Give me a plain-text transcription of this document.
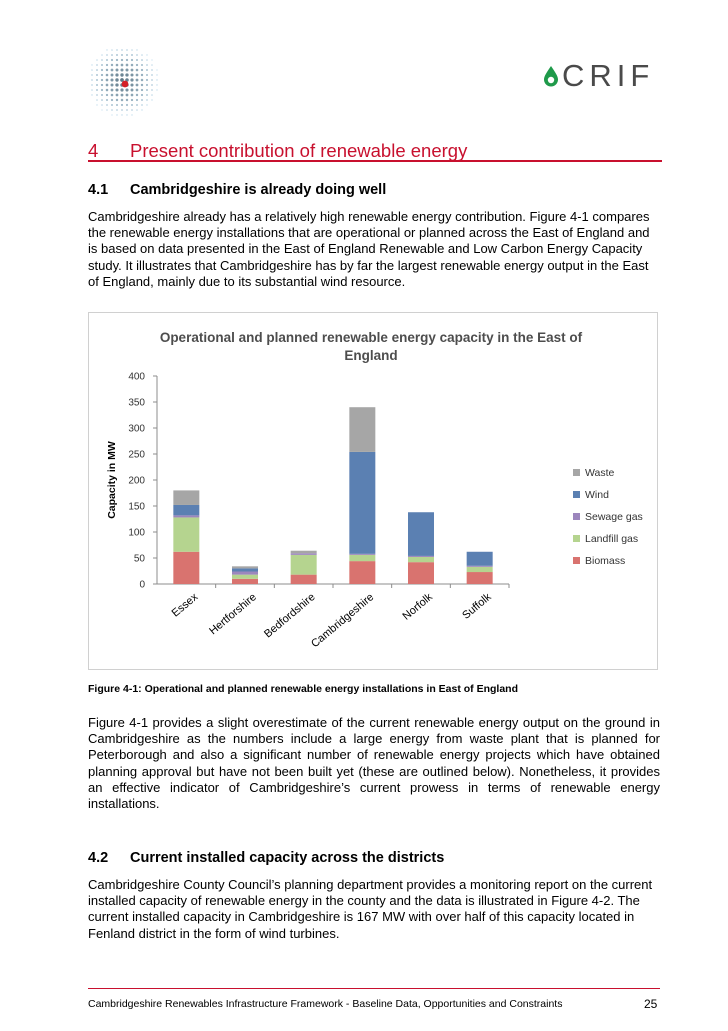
CRIF
4 Present contribution of renewable energy
4.1 Cambridgeshire is already doing well

Cambridgeshire already has a relatively high renewable energy contribution. Figure 4-1 compares the renewable energy installations that are operational or planned across the East of England and is based on data presented in the East of England Renewable and Low Carbon Energy Capacity study. It illustrates that Cambridgeshire has by far the largest renewable energy output in the East of England, mainly due to its substantial wind resource.

Operational and planned renewable energy capacity in the East of
England
Capacity in MW
0
50
100
150
200
250
300
350
400
Essex Hertforshire Bedfordshire
Cambridgeshire Norfolk Suffolk
Waste
Wind
Sewage gas
Landfill gas
Biomass
Figure 4-1: Operational and planned renewable energy installations in East of England

Figure 4-1 provides a slight overestimate of the current renewable energy output on the ground in Cambridgeshire as the numbers include a large energy from waste plant that is planned for Peterborough and also a significant number of renewable energy projects which have obtained planning approval but have not been built yet (these are outlined below). Nonetheless, it provides an effective indicator of Cambridgeshire’s current prowess in terms of renewable energy installations.

4.2 Current installed capacity across the districts

Cambridgeshire County Council’s planning department provides a monitoring report on the current installed capacity of renewable energy in the county and the data is illustrated in Figure 4-2. The current installed capacity in Cambridgeshire is 167 MW with over half of this capacity located in Fenland district in the form of wind turbines.

Cambridgeshire Renewables Infrastructure Framework - Baseline Data, Opportunities and Constraints	25
